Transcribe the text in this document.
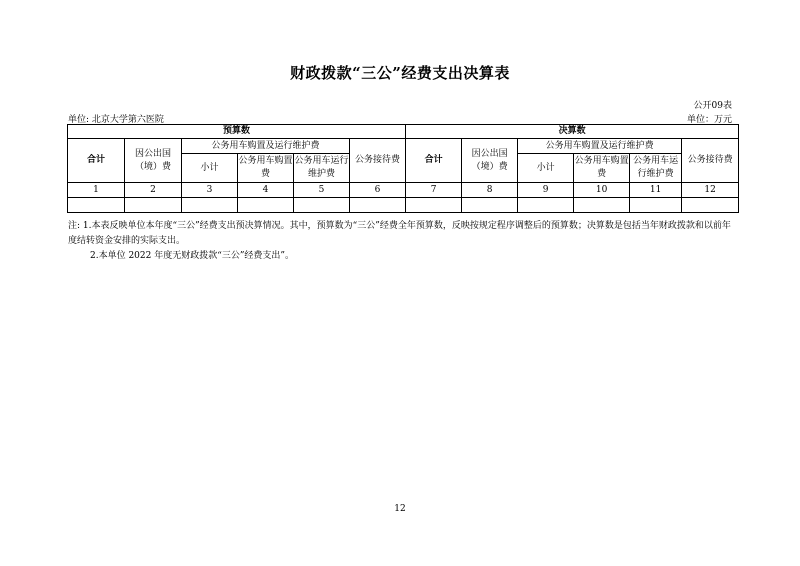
财政拨款“三公”经费支出决算表
公开09表
单位: 北京大学第六医院	单位：万元
预算数						决算数					
合计	因公出国（境）费	公务用车购置及运行维护费			公务接待费	合计	因公出国（境）费	公务用车购置及运行维护费			公务接待费
		小计	公务用车购置费	公务用车运行维护费				小计	公务用车购置费	公务用车运行维护费	
1	2	3	4	5	6	7	8	9	10	11	12

注: 1.本表反映单位本年度“三公”经费支出预决算情况。其中，预算数为“三公”经费全年预算数，反映按规定程序调整后的预算数；决算数是包括当年财政拨款和以前年度结转资金安排的实际支出。

2.本单位 2022 年度无财政拨款“三公”经费支出”。

12
